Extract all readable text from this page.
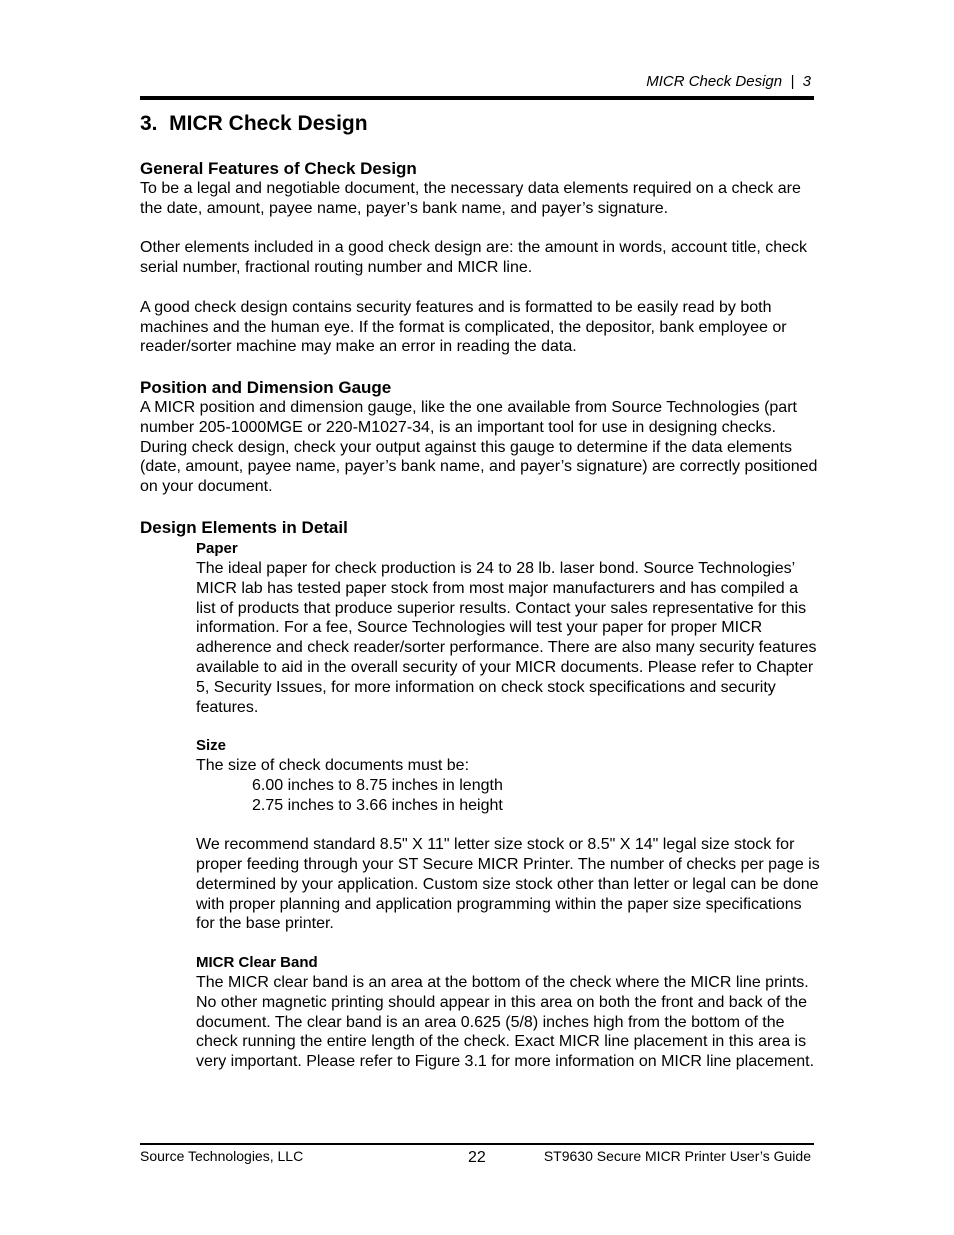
MICR Check Design  |  3
3.  MICR Check Design
General Features of Check Design
To be a legal and negotiable document, the necessary data elements required on a check are the date, amount, payee name, payer’s bank name, and payer’s signature.
Other elements included in a good check design are: the amount in words, account title, check serial number, fractional routing number and MICR line.
A good check design contains security features and is formatted to be easily read by both machines and the human eye. If the format is complicated, the depositor, bank employee or reader/sorter machine may make an error in reading the data.
Position and Dimension Gauge
A MICR position and dimension gauge, like the one available from Source Technologies (part number 205-1000MGE or 220-M1027-34, is an important tool for use in designing checks. During check design, check your output against this gauge to determine if the data elements (date, amount, payee name, payer’s bank name, and payer’s signature) are correctly positioned on your document.
Design Elements in Detail
Paper
The ideal paper for check production is 24 to 28 lb. laser bond. Source Technologies’ MICR lab has tested paper stock from most major manufacturers and has compiled a list of products that produce superior results. Contact your sales representative for this information. For a fee, Source Technologies will test your paper for proper MICR adherence and check reader/sorter performance. There are also many security features available to aid in the overall security of your MICR documents. Please refer to Chapter 5, Security Issues, for more information on check stock specifications and security features.
Size
The size of check documents must be:
6.00 inches to 8.75 inches in length
2.75 inches to 3.66 inches in height
We recommend standard 8.5" X 11" letter size stock or 8.5" X 14" legal size stock for proper feeding through your ST Secure MICR Printer. The number of checks per page is determined by your application. Custom size stock other than letter or legal can be done with proper planning and application programming within the paper size specifications for the base printer.
MICR Clear Band
The MICR clear band is an area at the bottom of the check where the MICR line prints. No other magnetic printing should appear in this area on both the front and back of the document. The clear band is an area 0.625 (5/8) inches high from the bottom of the check running the entire length of the check. Exact MICR line placement in this area is very important. Please refer to Figure 3.1 for more information on MICR line placement.
Source Technologies, LLC	22	ST9630 Secure MICR Printer User’s Guide
